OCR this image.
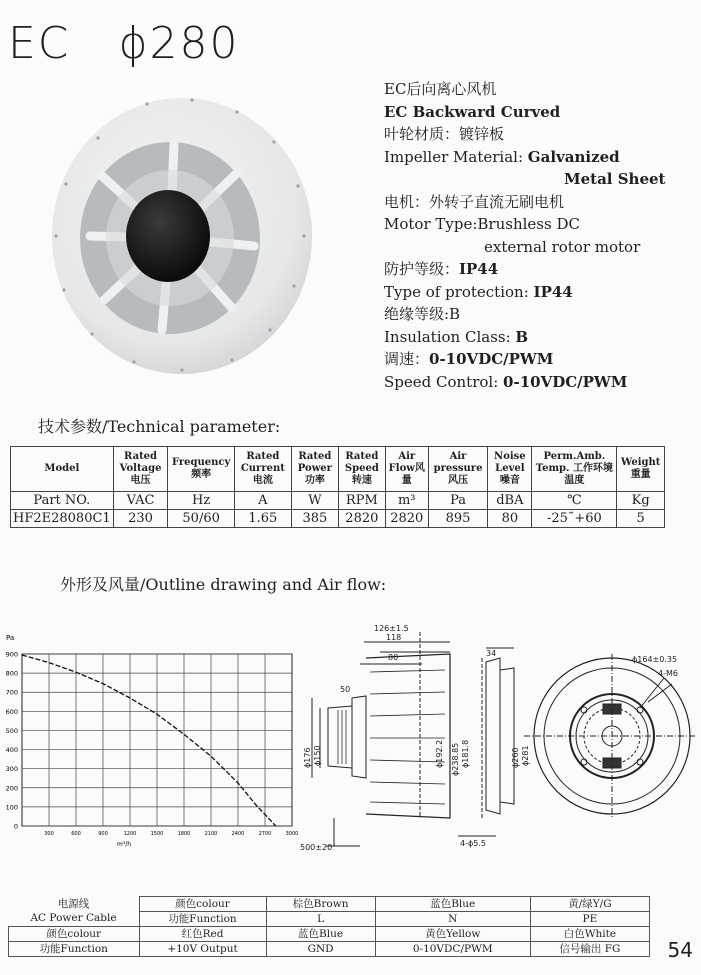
EC ϕ280
EC后向离心风机
EC Backward Curved
叶轮材质：镀锌板
Impeller Material: Galvanized
Metal Sheet
电机：外转子直流无刷电机
Motor Type:Brushless DC
external rotor motor
防护等级：IP44
Type of protection: IP44
绝缘等级:B
Insulation Class: B
调速：0-10VDC/PWM
Speed Control: 0-10VDC/PWM
技术参数/Technical parameter:
Model	Rated Voltage 电压	Frequency 频率	Rated Current 电流	Rated Power 功率	Rated Speed 转速	Air Flow风 量	Air pressure 风压	Noise Level 噪音	Perm.Amb. Temp. 工作环境温度	Weight 重量
Part NO.	VAC	Hz	A	W	RPM	m³	Pa	dBA	℃	Kg
HF2E28080C1	230	50/60	1.65	385	2820	2820	895	80	-25˜+60	5
外形及风量/Outline drawing and Air flow:
Pa
m³/h
0
100
200
300
400
500
600
700
800
900
300	600	900	1200	1500	1800	2100	2400	2700	3000
126±1.5
118
80
50
34
ϕ176 ϕ150	ϕ192.2 ϕ238.85 ϕ181.8
500±20
ϕ260 ϕ281
4-ϕ5.5
ϕ164±0.35
4-M6
电源线	颜色colour	棕色Brown	蓝色Blue	黄/绿Y/G
AC Power Cable	功能Function	L	N	PE
颜色colour	红色Red	蓝色Blue	黄色Yellow	白色White
功能Function	+10V Output	GND	0-10VDC/PWM	信号输出 FG 54
